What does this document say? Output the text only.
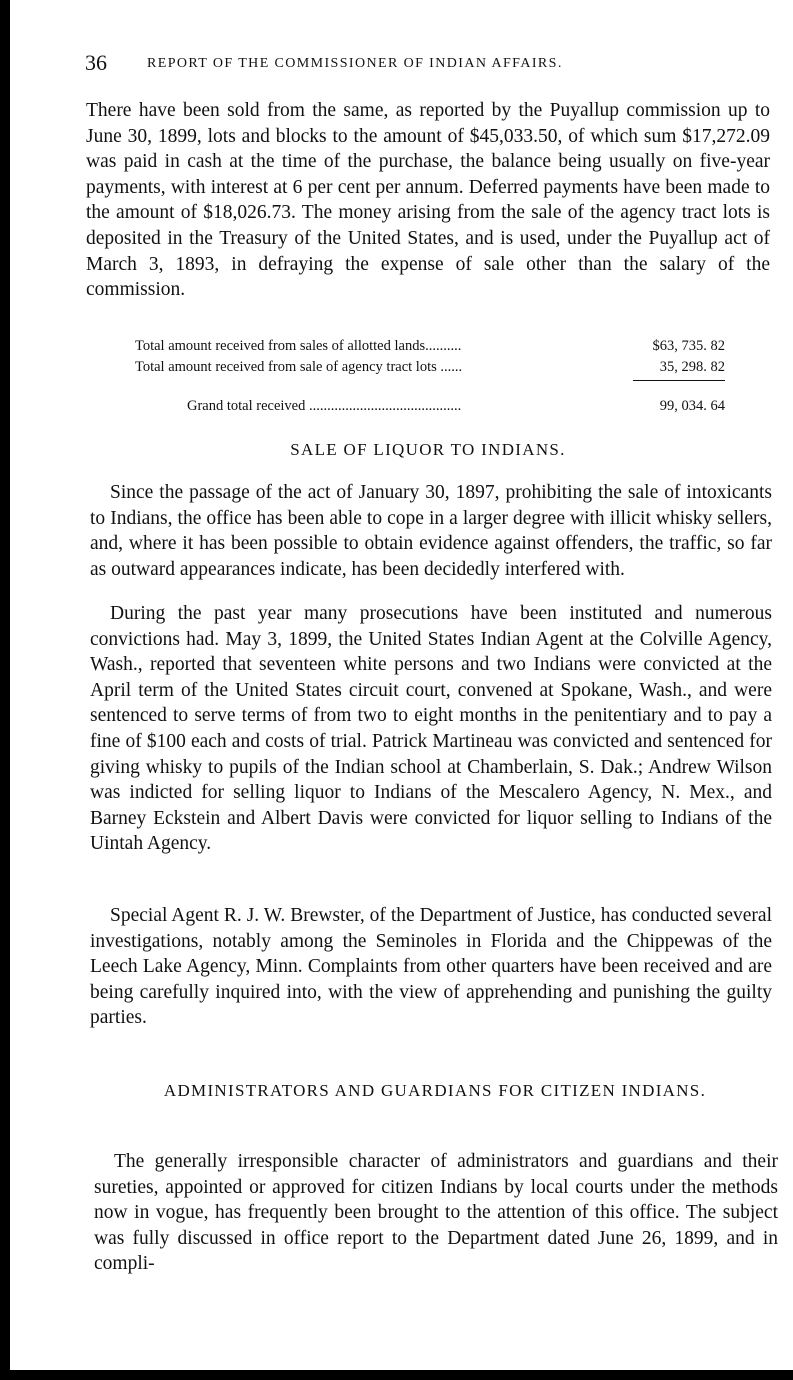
36	REPORT OF THE COMMISSIONER OF INDIAN AFFAIRS.

There have been sold from the same, as reported by the Puyallup commission up to June 30, 1899, lots and blocks to the amount of $45,033.50, of which sum $17,272.09 was paid in cash at the time of the purchase, the balance being usually on five-year payments, with interest at 6 per cent per annum. Deferred payments have been made to the amount of $18,026.73. The money arising from the sale of the agency tract lots is deposited in the Treasury of the United States, and is used, under the Puyallup act of March 3, 1893, in defraying the expense of sale other than the salary of the commission.

Total amount received from sales of allotted lands..........	$63, 735. 82
Total amount received from sale of agency tract lots ......	35, 298. 82
Grand total received ..........................................	99, 034. 64
SALE OF LIQUOR TO INDIANS.

Since the passage of the act of January 30, 1897, prohibiting the sale of intoxicants to Indians, the office has been able to cope in a larger degree with illicit whisky sellers, and, where it has been possible to obtain evidence against offenders, the traffic, so far as outward appearances indicate, has been decidedly interfered with.

During the past year many prosecutions have been instituted and numerous convictions had. May 3, 1899, the United States Indian Agent at the Colville Agency, Wash., reported that seventeen white persons and two Indians were convicted at the April term of the United States circuit court, convened at Spokane, Wash., and were sentenced to serve terms of from two to eight months in the penitentiary and to pay a fine of $100 each and costs of trial. Patrick Martineau was convicted and sentenced for giving whisky to pupils of the Indian school at Chamberlain, S. Dak.; Andrew Wilson was indicted for selling liquor to Indians of the Mescalero Agency, N. Mex., and Barney Eckstein and Albert Davis were convicted for liquor selling to Indians of the Uintah Agency.

Special Agent R. J. W. Brewster, of the Department of Justice, has conducted several investigations, notably among the Seminoles in Florida and the Chippewas of the Leech Lake Agency, Minn. Complaints from other quarters have been received and are being carefully inquired into, with the view of apprehending and punishing the guilty parties.

ADMINISTRATORS AND GUARDIANS FOR CITIZEN INDIANS.

The generally irresponsible character of administrators and guardians and their sureties, appointed or approved for citizen Indians by local courts under the methods now in vogue, has frequently been brought to the attention of this office. The subject was fully discussed in office report to the Department dated June 26, 1899, and in compli-
